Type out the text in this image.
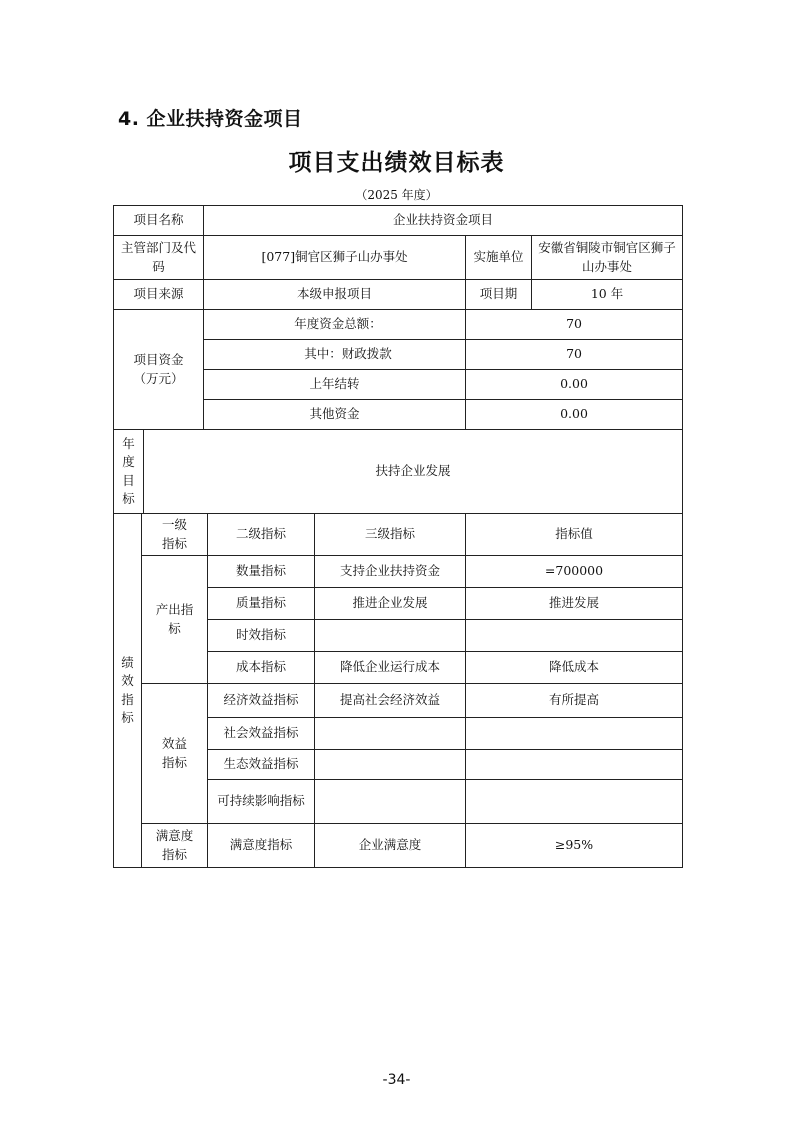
4. 企业扶持资金项目
项目支出绩效目标表
（2025 年度）
项目名称		企业扶持资金项目		
主管部门及代码		[077]铜官区狮子山办事处	实施单位	安徽省铜陵市铜官区狮子山办事处
项目来源		本级申报项目	项目期	10 年

项目资金
（万元）		年度资金总额：	70	
		其中：财政拨款	70	
		上年结转	0.00	
		其他资金	0.00	

年
度
目
标	扶持企业发展			
绩
效
指
标	一级指标	二级指标	三级指标	指标值

	产出指标	数量指标	支持企业扶持资金	=700000
		质量指标	推进企业发展	推进发展
		时效指标		
		成本指标	降低企业运行成本	降低成本

	效益指标	经济效益指标	提高社会经济效益	有所提高
		社会效益指标		
		生态效益指标		

		可持续影响指标		

	满意度指标	满意度指标	企业满意度	≥95%
-34-
